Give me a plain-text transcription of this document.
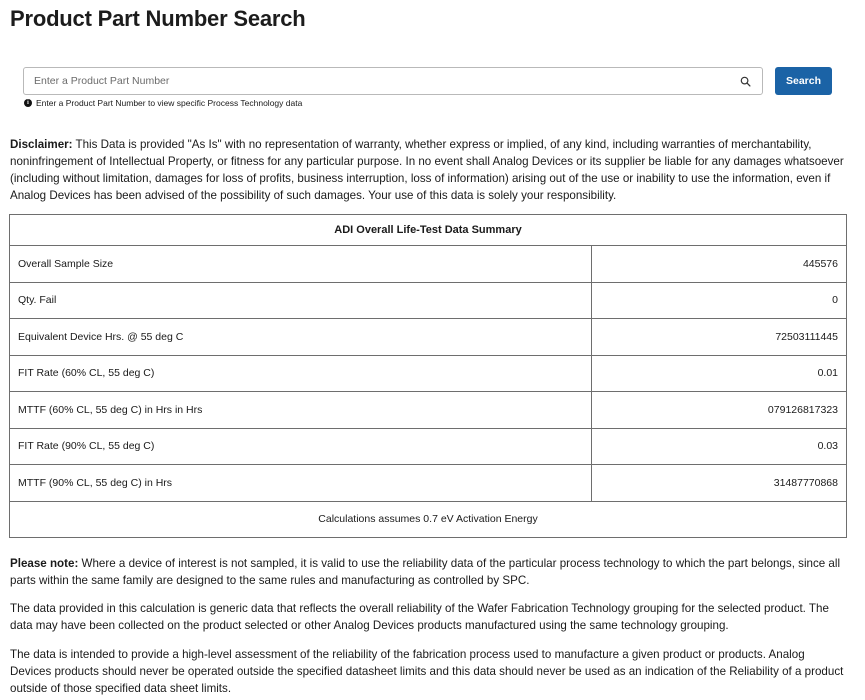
Product Part Number Search
Enter a Product Part Number
Search
i Enter a Product Part Number to view specific Process Technology data

Disclaimer: This Data is provided "As Is" with no representation of warranty, whether express or implied, of any kind, including warranties of merchantability, noninfringement of Intellectual Property, or fitness for any particular purpose. In no event shall Analog Devices or its supplier be liable for any damages whatsoever (including without limitation, damages for loss of profits, business interruption, loss of information) arising out of the use or inability to use the information, even if Analog Devices has been advised of the possibility of such damages. Your use of this data is solely your responsibility.

ADI Overall Life-Test Data Summary	
Overall Sample Size	445576
Qty. Fail	0
Equivalent Device Hrs. @ 55 deg C	72503111445
FIT Rate (60% CL, 55 deg C)	0.01
MTTF (60% CL, 55 deg C) in Hrs in Hrs	079126817323
FIT Rate (90% CL, 55 deg C)	0.03
MTTF (90% CL, 55 deg C) in Hrs	31487770868
Calculations assumes 0.7 eV Activation Energy	

Please note: Where a device of interest is not sampled, it is valid to use the reliability data of the particular process technology to which the part belongs, since all parts within the same family are designed to the same rules and manufacturing as controlled by SPC.

The data provided in this calculation is generic data that reflects the overall reliability of the Wafer Fabrication Technology grouping for the selected product. The data may have been collected on the product selected or other Analog Devices products manufactured using the same technology grouping.

The data is intended to provide a high-level assessment of the reliability of the fabrication process used to manufacture a given product or products. Analog Devices products should never be operated outside the specified datasheet limits and this data should never be used as an indication of the Reliability of a product outside of those specified data sheet limits.
